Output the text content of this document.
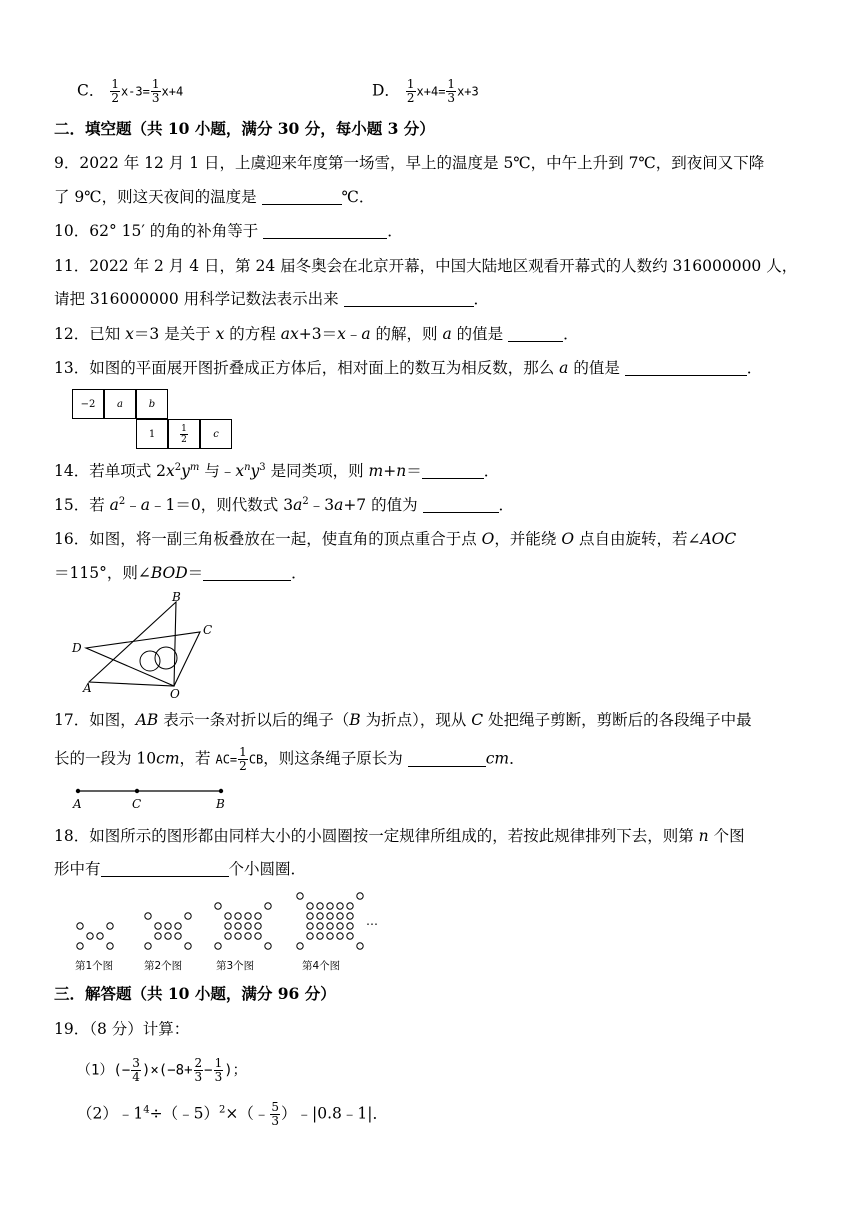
C． $\frac{1}{2} x-3= \frac{1}{3} x+4$	D． $\frac{1}{2} x+4= \frac{1}{3} x+3$
二．填空题（共 10 小题，满分 30 分，每小题 3 分）
9．2022 年 12 月 1 日，上虞迎来年度第一场雪，早上的温度是 5℃，中午上升到 7℃，到夜间又下降
了 9℃，则这天夜间的温度是	℃．
10．62° 15′ 的角的补角等于	．
11．2022 年 2 月 4 日，第 24 届冬奥会在北京开幕，中国大陆地区观看开幕式的人数约 316000000 人，
请把 316000000 用科学记数法表示出来	．
12．已知 x＝3 是关于 x 的方程 ax+3＝x﹣a 的解，则 a 的值是	．
13．如图的平面展开图折叠成正方体后，相对面上的数互为相反数，那么 a 的值是	．
−2	a	b
1	$\frac{1}{2}$	c
14．若单项式 $2x^2y^m$ 与$﹣x^ny^3$ 是同类项，则 m+n＝	．
15．若 $a^2﹣a﹣1=0$，则代数式 $3a^2﹣3a+7$ 的值为	．
16．如图，将一副三角板叠放在一起，使直角的顶点重合于点 O，并能绕 O 点自由旋转，若∠AOC
＝115°，则∠BOD＝	．
B
C
D
A	O
17．如图，AB 表示一条对折以后的绳子（B 为折点），现从 C 处把绳子剪断，剪断后的各段绳子中最
长的一段为 10cm，若 $AC= \frac{1}{2}$ CB，则这条绳子原长为	cm．
A	C	B
18．如图所示的图形都由同样大小的小圆圈按一定规律所组成的，若按此规律排列下去，则第 n 个图
形中有	个小圆圈．
…
第1个图	第2个图	第3个图	第4个图
三．解答题（共 10 小题，满分 96 分）
19．（8 分）计算：
$(1)(- \frac{3}{4} )\times(-8+ \frac{2}{3} - \frac{1}{3}$ )；
$(2)﹣1^4\div(﹣5)^2\times(﹣ \frac{5}{3}$ ）﹣|0.8﹣1|．
